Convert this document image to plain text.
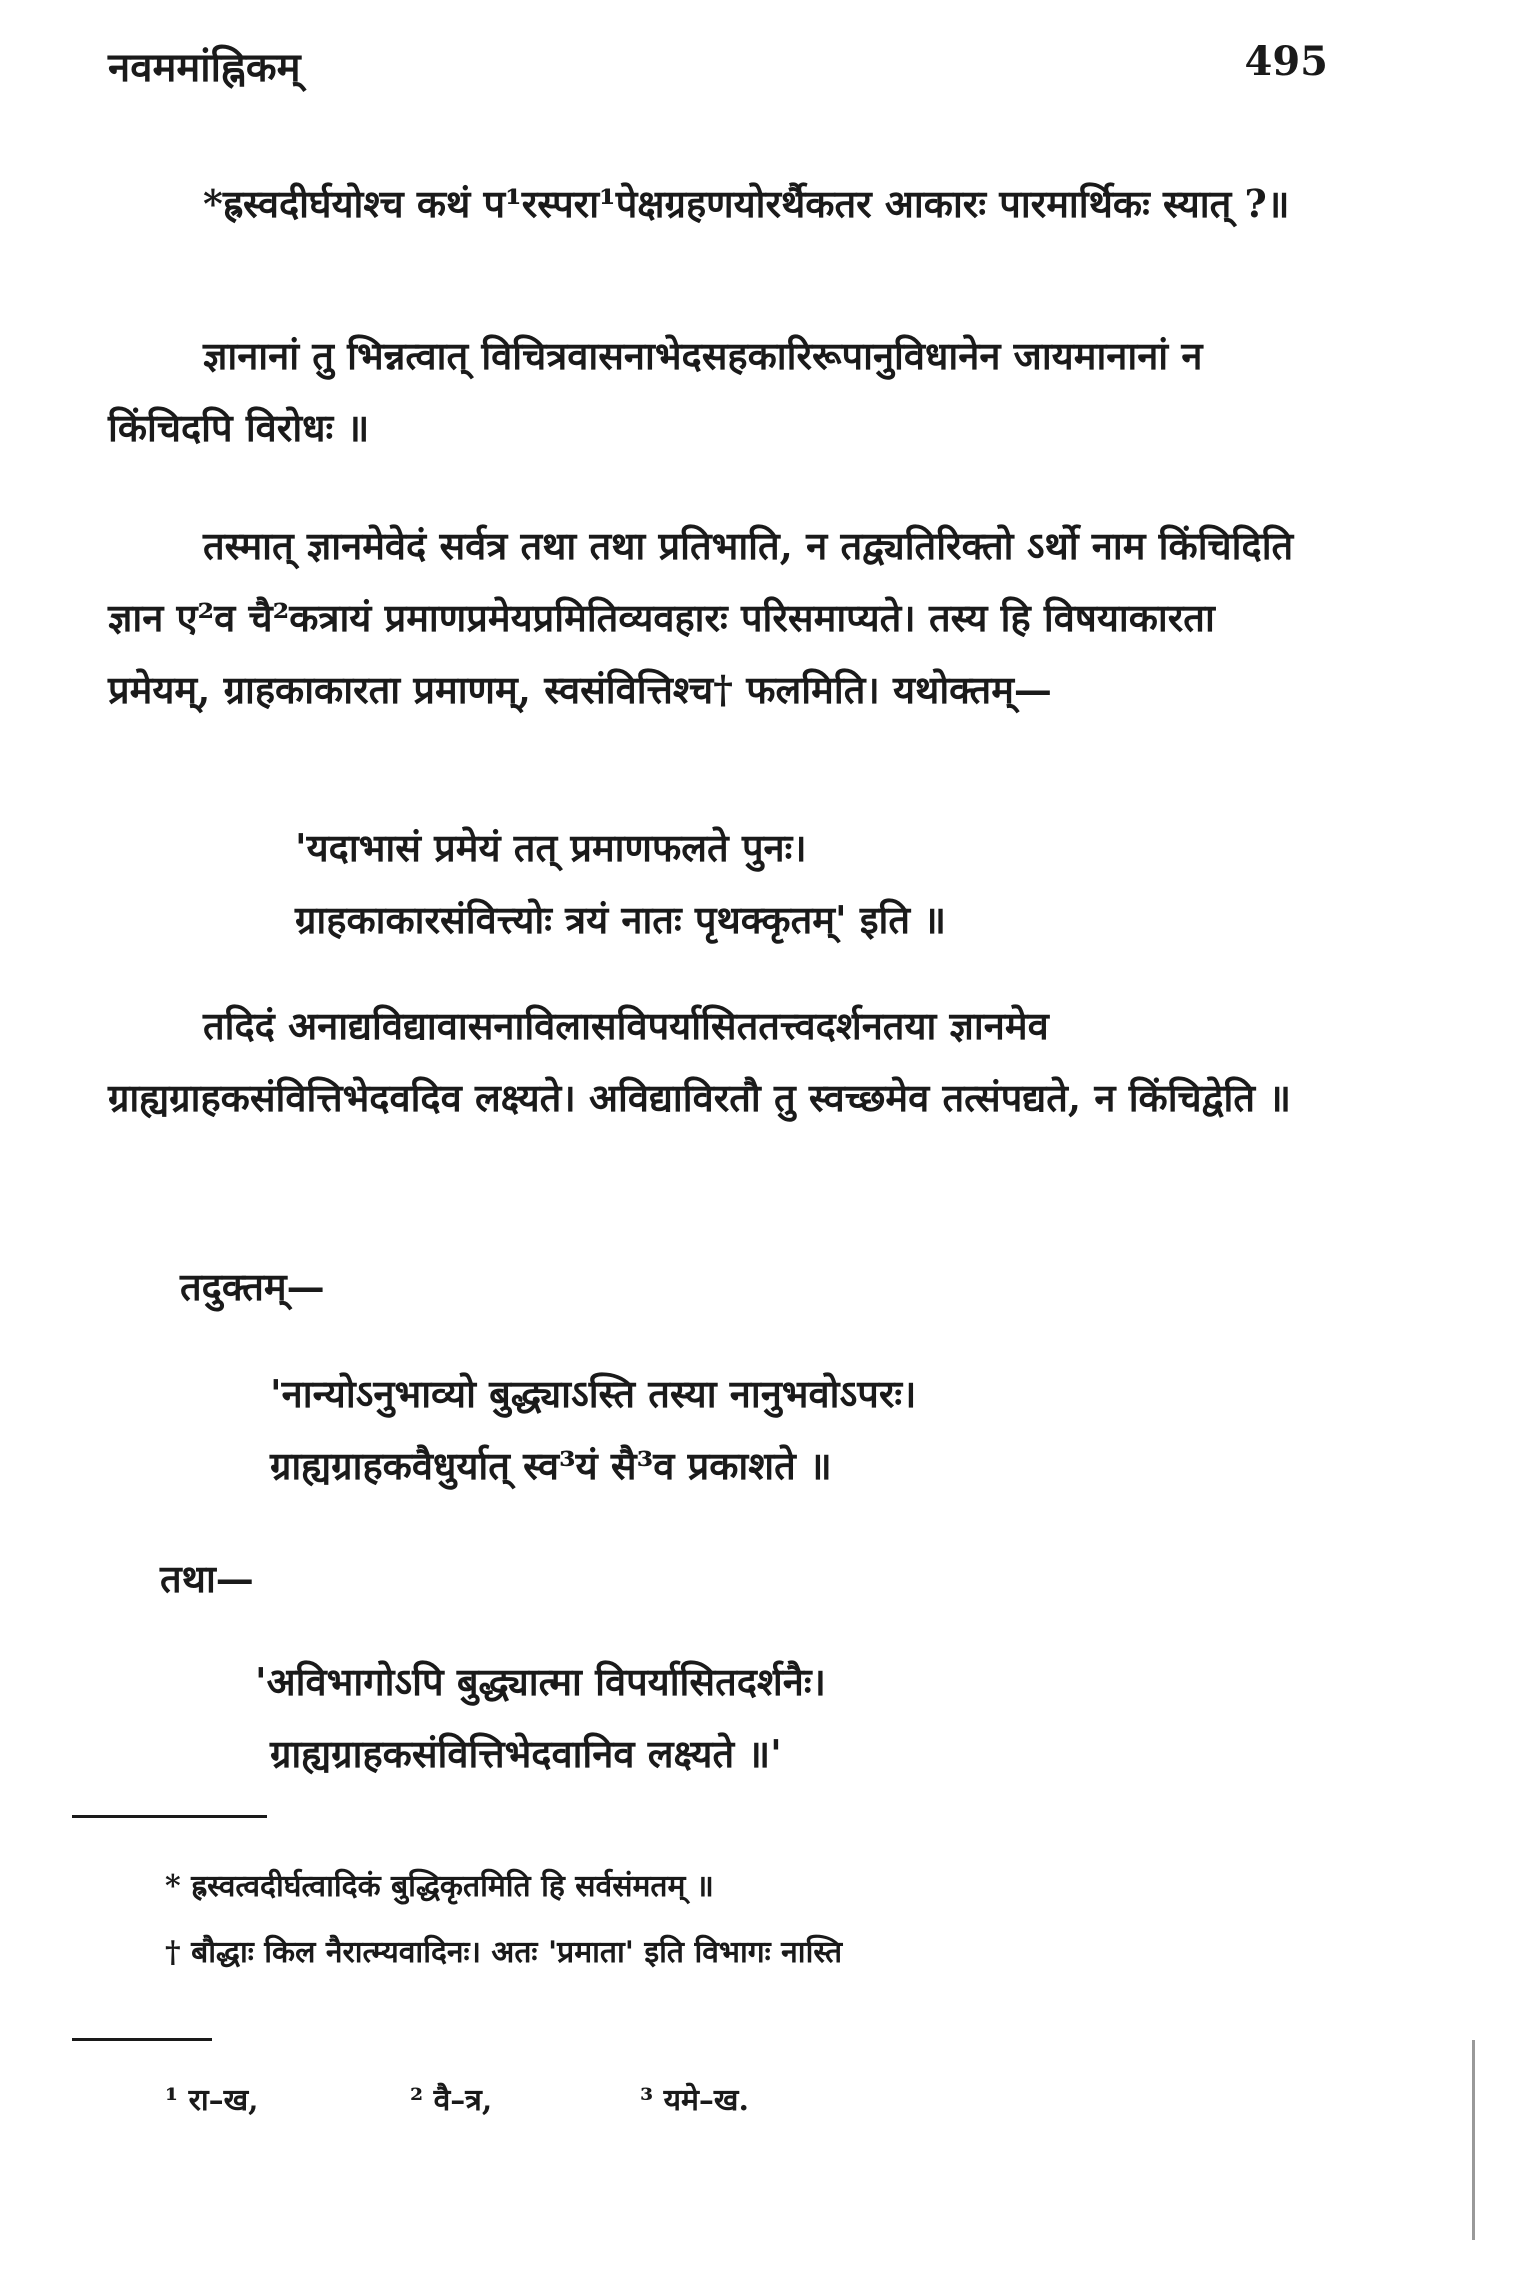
नवममांह्निकम्	495
*ह्रस्वदीर्घयोश्च कथं प¹रस्परा¹पेक्षग्रहणयोरर्थैकतर आकारः पारमार्थिकः स्यात् ?॥
ज्ञानानां तु भिन्नत्वात् विचित्रवासनाभेदसहकारिरूपानुविधानेन जायमानानां न किंचिदपि विरोधः ॥
तस्मात् ज्ञानमेवेदं सर्वत्र तथा तथा प्रतिभाति, न तद्व्यतिरिक्तो ऽर्थो नाम किंचिदिति ज्ञान ए²व चै²कत्रायं प्रमाणप्रमेयप्रमितिव्यवहारः परिसमाप्यते। तस्य हि विषयाकारता प्रमेयम्, ग्राहकाकारता प्रमाणम्, स्वसंवित्तिश्च† फलमिति। यथोक्तम्—
'यदाभासं प्रमेयं तत् प्रमाणफलते पुनः।
ग्राहकाकारसंवित्त्योः त्रयं नातः पृथक्कृतम्' इति ॥
तदिदं अनाद्यविद्यावासनाविलासविपर्यासिततत्त्वदर्शनतया ज्ञानमेव ग्राह्यग्राहकसंवित्तिभेदवदिव लक्ष्यते। अविद्याविरतौ तु स्वच्छमेव तत्संपद्यते, न किंचिद्वेति ॥
तदुक्तम्—
'नान्योऽनुभाव्यो बुद्ध्याऽस्ति तस्या नानुभवोऽपरः।
ग्राह्यग्राहकवैधुर्यात् स्व³यं सै³व प्रकाशते ॥
तथा—
'अविभागोऽपि बुद्ध्यात्मा विपर्यासितदर्शनैः।
ग्राह्यग्राहकसंवित्तिभेदवानिव लक्ष्यते ॥'
* ह्रस्वत्वदीर्घत्वादिकं बुद्धिकृतमिति हि सर्वसंमतम् ॥
† बौद्धाः किल नैरात्म्यवादिनः। अतः 'प्रमाता' इति विभागः नास्ति
¹ रा–ख,	² वै–त्र,	³ यमे–ख.
